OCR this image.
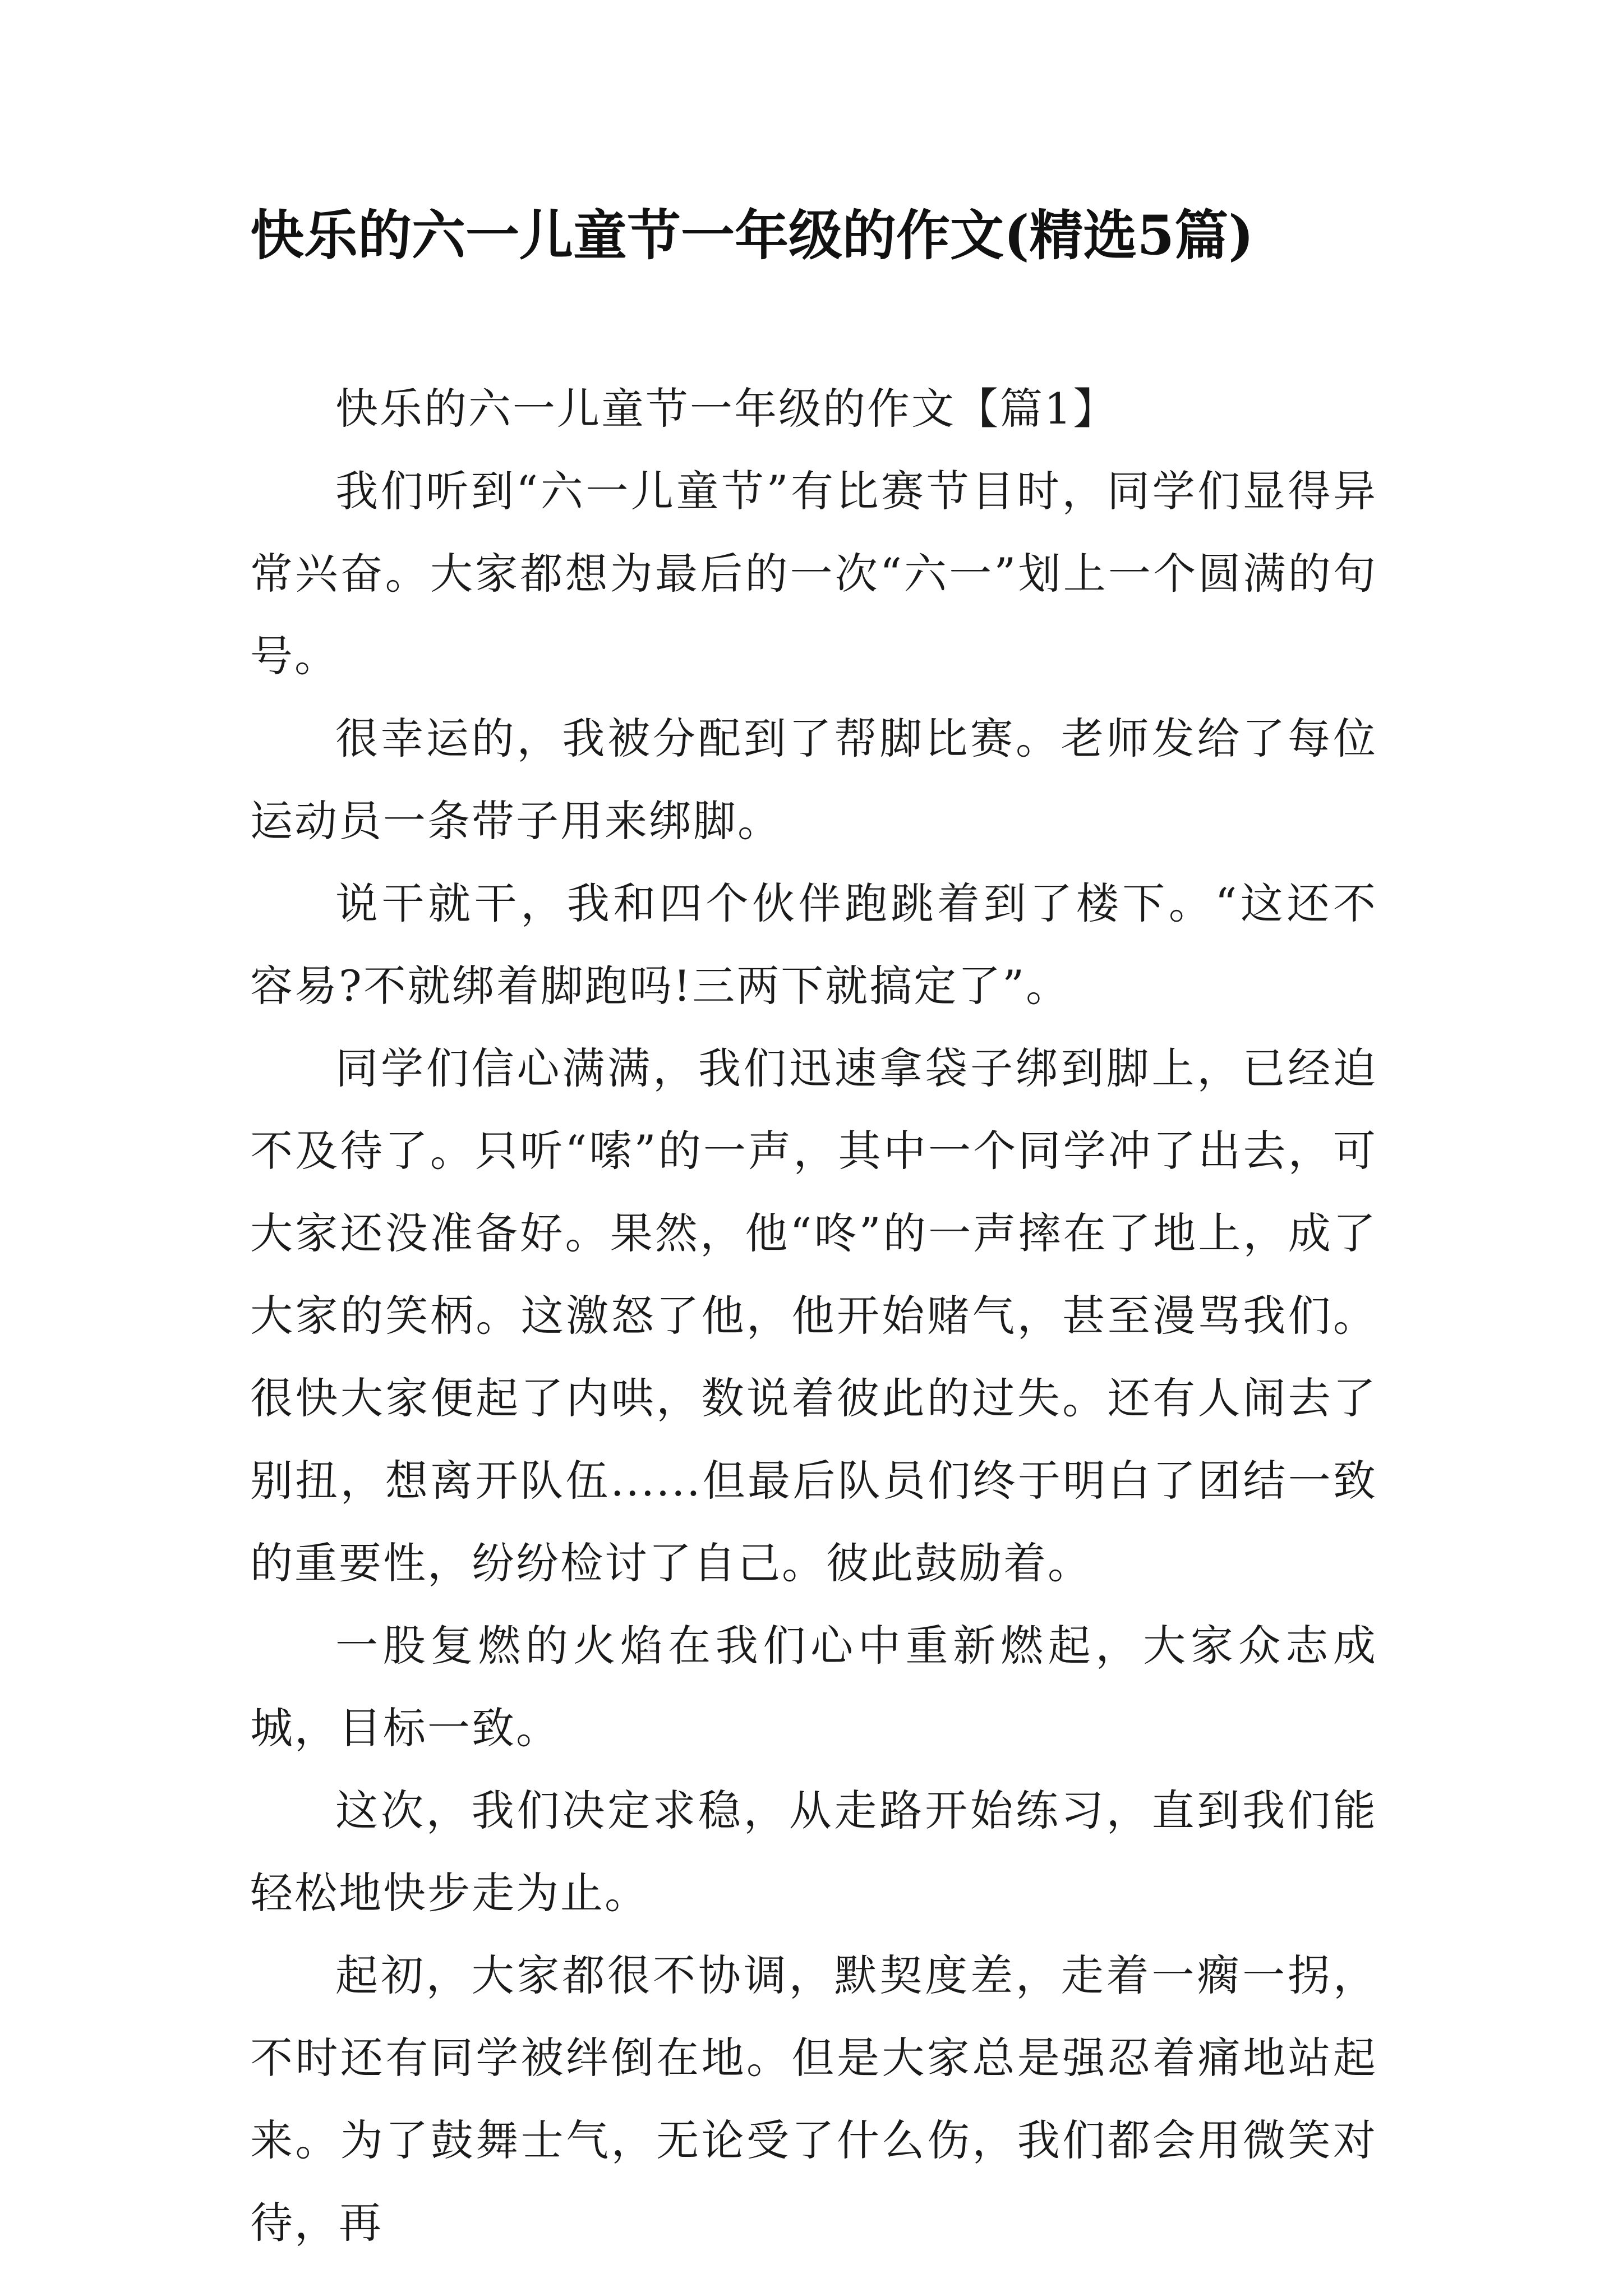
快乐的六一儿童节一年级的作文(精选5篇)

快乐的六一儿童节一年级的作文【篇1】

我们听到“六一儿童节”有比赛节目时，同学们显得异常兴奋。大家都想为最后的一次“六一”划上一个圆满的句号。

很幸运的，我被分配到了帮脚比赛。老师发给了每位运动员一条带子用来绑脚。

说干就干，我和四个伙伴跑跳着到了楼下。“这还不容易?不就绑着脚跑吗!三两下就搞定了”。

同学们信心满满，我们迅速拿袋子绑到脚上，已经迫不及待了。只听“嗦”的一声，其中一个同学冲了出去，可大家还没准备好。果然，他“咚”的一声摔在了地上，成了大家的笑柄。这激怒了他，他开始赌气，甚至漫骂我们。很快大家便起了内哄，数说着彼此的过失。还有人闹去了别扭，想离开队伍......但最后队员们终于明白了团结一致的重要性，纷纷检讨了自己。彼此鼓励着。

一股复燃的火焰在我们心中重新燃起，大家众志成城，目标一致。

这次，我们决定求稳，从走路开始练习，直到我们能轻松地快步走为止。

起初，大家都很不协调，默契度差，走着一瘸一拐，不时还有同学被绊倒在地。但是大家总是强忍着痛地站起来。为了鼓舞士气，无论受了什么伤，我们都会用微笑对待，再
